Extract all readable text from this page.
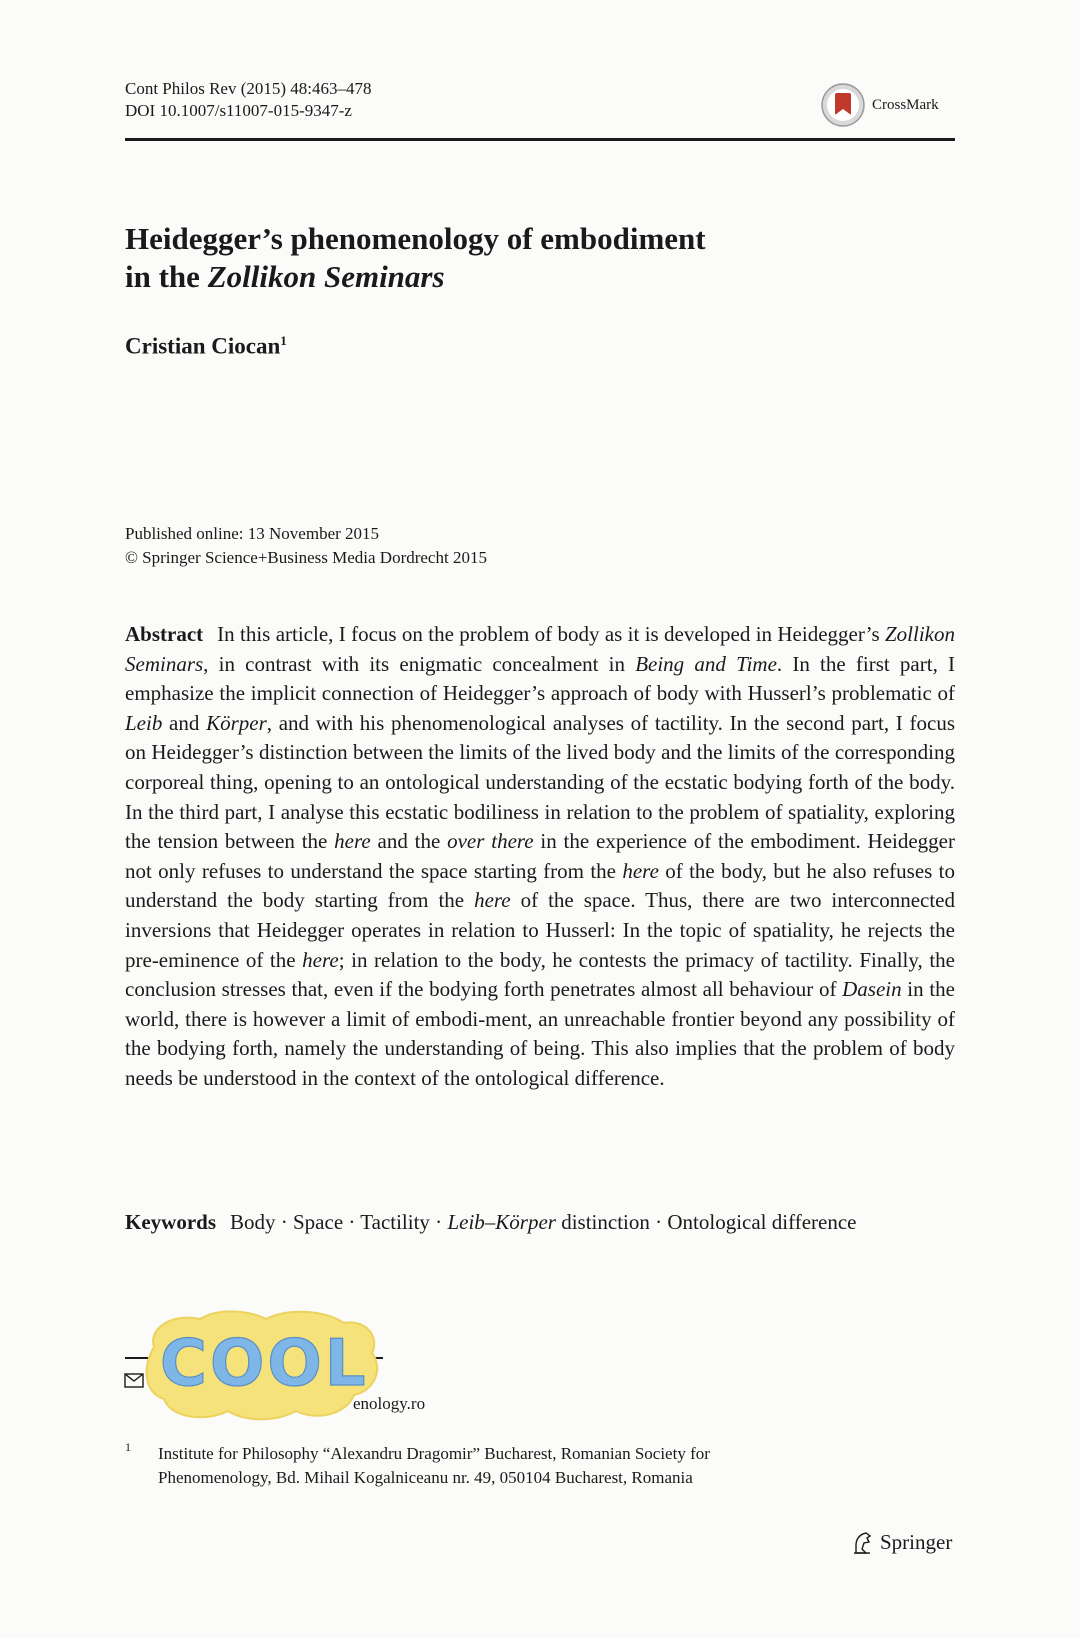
Cont Philos Rev (2015) 48:463–478
DOI 10.1007/s11007-015-9347-z	CrossMark
Heidegger’s phenomenology of embodiment
in the Zollikon Seminars
Cristian Ciocan$^1$
Published online: 13 November 2015
© Springer Science+Business Media Dordrecht 2015
Abstract In this article, I focus on the problem of body as it is developed in Heidegger’s Zollikon Seminars, in contrast with its enigmatic concealment in Being and Time. In the first part, I emphasize the implicit connection of Heidegger’s approach of body with Husserl’s problematic of Leib and Körper, and with his phenomenological analyses of tactility. In the second part, I focus on Heidegger’s distinction between the limits of the lived body and the limits of the corresponding corporeal thing, opening to an ontological understanding of the ecstatic bodying forth of the body. In the third part, I analyse this ecstatic bodiliness in relation to the problem of spatiality, exploring the tension between the here and the over there in the experience of the embodiment. Heidegger not only refuses to understand the space starting from the here of the body, but he also refuses to understand the body starting from the here of the space. Thus, there are two interconnected inversions that Heidegger operates in relation to Husserl: In the topic of spatiality, he rejects the pre-eminence of the here; in relation to the body, he contests the primacy of tactility. Finally, the conclusion stresses that, even if the bodying forth penetrates almost all behaviour of Dasein in the world, there is however a limit of embodi-ment, an unreachable frontier beyond any possibility of the bodying forth, namely the understanding of being. This also implies that the problem of body needs be understood in the context of the ontological difference.
Keywords Body · Space · Tactility · Leib–Körper distinction · Ontological difference
COOL
enology.ro
1 Institute for Philosophy “Alexandru Dragomir” Bucharest, Romanian Society for
Phenomenology, Bd. Mihail Kogalniceanu nr. 49, 050104 Bucharest, Romania
Springer
